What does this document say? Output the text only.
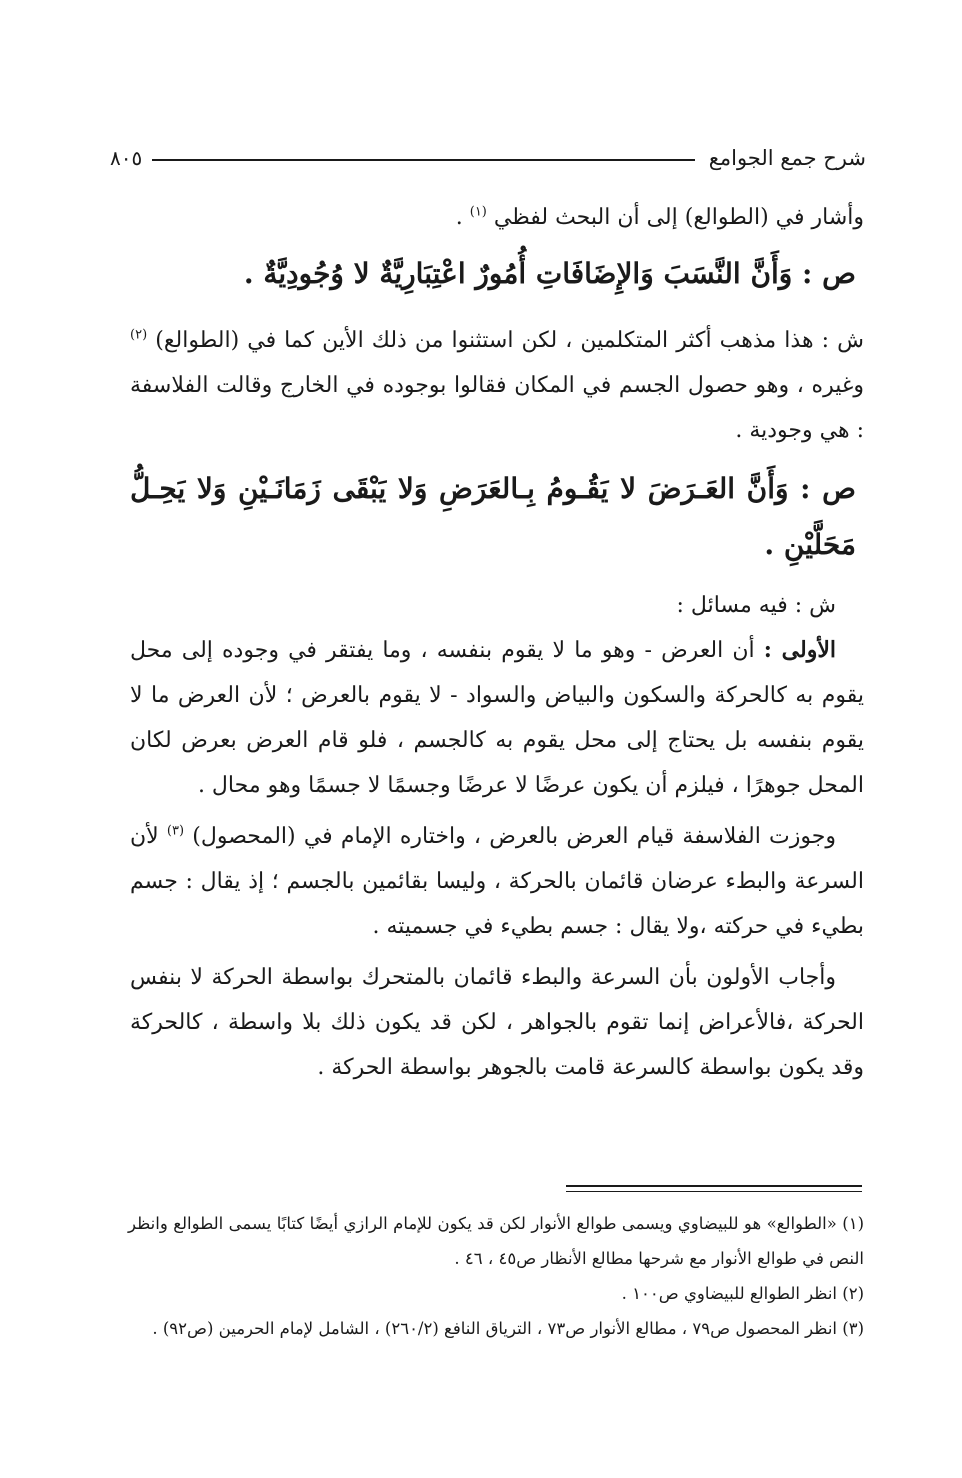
شرح جمع الجوامع
٨٠٥

وأشار في (الطوالع) إلى أن البحث لفظي $^{(١)}$ .

ص : وَأَنَّ النَّسَبَ وَالإِضَافَاتِ أُمُورٌ اعْتِبَارِيَّةٌ لا وُجُودِيَّةٌ .

ش : هذا مذهب أكثر المتكلمين ، لكن استثنوا من ذلك الأين كما في (الطوالع) $^{(٢)}$ وغيره ، وهو حصول الجسم في المكان فقالوا بوجوده في الخارج وقالت الفلاسفة : هي وجودية .

ص : وَأَنَّ العَـرَضَ لا يَقُـومُ بِـالعَرَضِ وَلا يَبْقَى زَمَانَـيْنِ وَلا يَحِـلُّ مَحَلَّيْنِ .

ش : فيه مسائل :

الأولى : أن العرض - وهو ما لا يقوم بنفسه ، وما يفتقر في وجوده إلى محل يقوم به كالحركة والسكون والبياض والسواد - لا يقوم بالعرض ؛ لأن العرض ما لا يقوم بنفسه بل يحتاج إلى محل يقوم به كالجسم ، فلو قام العرض بعرض لكان المحل جوهرًا ، فيلزم أن يكون عرضًا لا عرضًا وجسمًا لا جسمًا وهو محال .

وجوزت الفلاسفة قيام العرض بالعرض ، واختاره الإمام في (المحصول) $^{(٣)}$ لأن السرعة والبطء عرضان قائمان بالحركة ، وليسا بقائمين بالجسم ؛ إذ يقال : جسم بطيء في حركته ،ولا يقال : جسم بطيء في جسميته .

وأجاب الأولون بأن السرعة والبطء قائمان بالمتحرك بواسطة الحركة لا بنفس الحركة ،فالأعراض إنما تقوم بالجواهر ، لكن قد يكون ذلك بلا واسطة ، كالحركة وقد يكون بواسطة كالسرعة قامت بالجوهر بواسطة الحركة .

(١) «الطوالع» هو للبيضاوي ويسمى طوالع الأنوار لكن قد يكون للإمام الرازي أيضًا كتابًا يسمى الطوالع وانظر النص في طوالع الأنوار مع شرحها مطالع الأنظار ص٤٥ ، ٤٦ .

(٢) انظر الطوالع للبيضاوي ص١٠٠ .

(٣) انظر المحصول ص٧٩ ، مطالع الأنوار ص٧٣ ، الترياق النافع (٢٦٠/٢) ، الشامل لإمام الحرمين (ص٩٢) .
